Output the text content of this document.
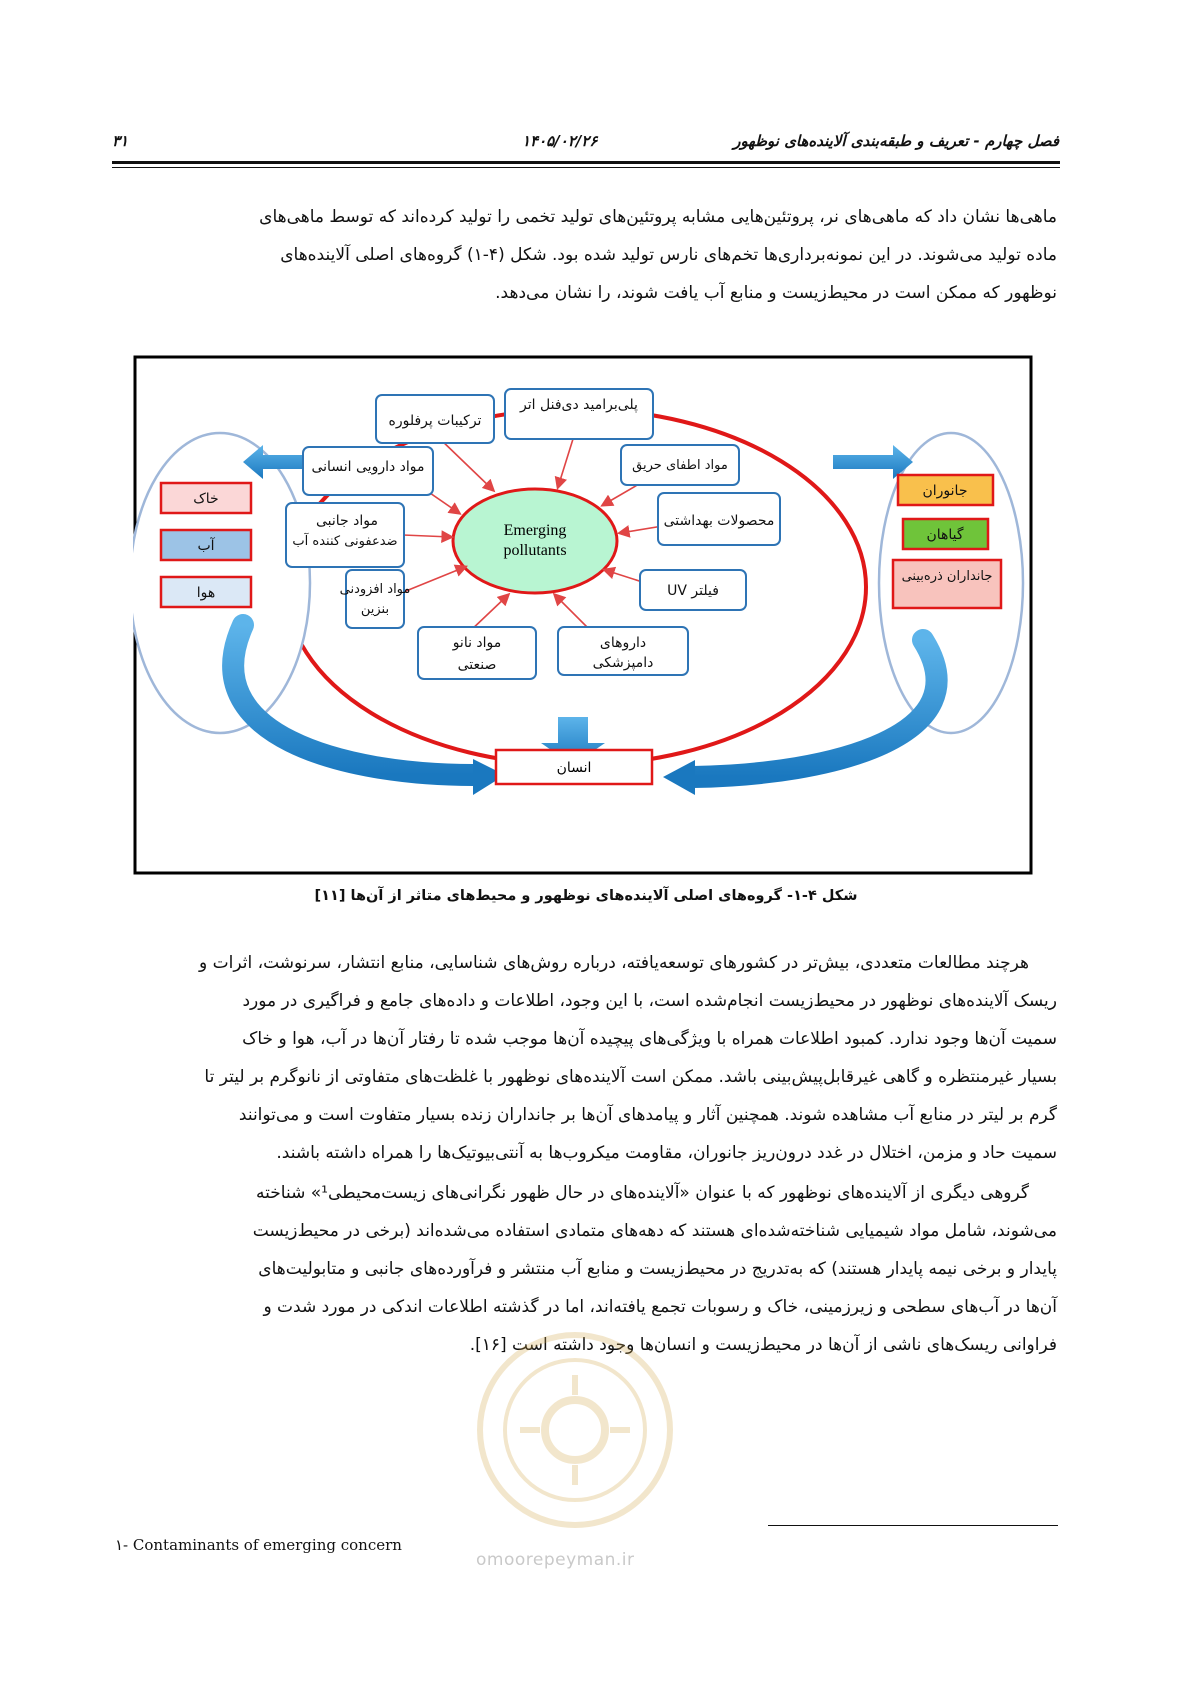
۳۱	۱۴۰۵/۰۲/۲۶	فصل چهارم - تعریف و طبقه‌بندی آلاینده‌های نوظهور

ماهی‌ها نشان داد که ماهی‌های نر، پروتئین‌هایی مشابه پروتئین‌های تولید تخمی را تولید کرده‌اند که توسط ماهی‌های
ماده تولید می‌شوند. در این نمونه‌برداری‌ها تخم‌های نارس تولید شده بود. شکل (۴-۱) گروه‌های اصلی آلاینده‌های
نوظهور که ممکن است در محیط‌زیست و منابع آب یافت شوند، را نشان می‌دهد.

Emerging
pollutants
ترکیبات پرفلوره
پلی‌برامید دی‌فنل اتر
مواد اطفای حریق
مواد دارویی انسانی
محصولات بهداشتی
مواد جانبی
ضدعفونی کننده آب
فیلتر UV
مواد افزودنی
بنزین
مواد نانو
صنعتی
داروهای
دامپزشکی
خاک
آب
هوا
جانوران
گیاهان
جانداران ذره‌بینی
انسان
شکل ۴-۱- گروه‌های اصلی آلاینده‌های نوظهور و محیط‌های متاثر از آن‌ها [۱۱]

هرچند مطالعات متعددی، بیش‌تر در کشورهای توسعه‌یافته، درباره روش‌های شناسایی، منابع انتشار، سرنوشت، اثرات و
ریسک آلاینده‌های نوظهور در محیط‌زیست انجام‌شده است، با این وجود، اطلاعات و داده‌های جامع و فراگیری در مورد
سمیت آن‌ها وجود ندارد. کمبود اطلاعات همراه با ویژگی‌های پیچیده آن‌ها موجب شده تا رفتار آن‌ها در آب، هوا و خاک
بسیار غیرمنتظره و گاهی غیرقابل‌پیش‌بینی باشد. ممکن است آلاینده‌های نوظهور با غلظت‌های متفاوتی از نانوگرم بر لیتر تا
گرم بر لیتر در منابع آب مشاهده شوند. همچنین آثار و پیامدهای آن‌ها بر جانداران زنده بسیار متفاوت است و می‌توانند
سمیت حاد و مزمن، اختلال در غدد درون‌ریز جانوران، مقاومت میکروب‌ها به آنتی‌بیوتیک‌ها را همراه داشته باشند.

گروهی دیگری از آلاینده‌های نوظهور که با عنوان «آلاینده‌های در حال ظهور نگرانی‌های زیست‌محیطی¹» شناخته
می‌شوند، شامل مواد شیمیایی شناخته‌شده‌ای هستند که دهه‌های متمادی استفاده می‌شده‌اند (برخی در محیط‌زیست
پایدار و برخی نیمه پایدار هستند) که به‌تدریج در محیط‌زیست و منابع آب منتشر و فرآورده‌های جانبی و متابولیت‌های
آن‌ها در آب‌های سطحی و زیرزمینی، خاک و رسوبات تجمع یافته‌اند، اما در گذشته اطلاعات اندکی در مورد شدت و
فراوانی ریسک‌های ناشی از آن‌ها در محیط‌زیست و انسان‌ها وجود داشته است [۱۶].

۱- Contaminants of emerging concern
omoorepeyman.ir
